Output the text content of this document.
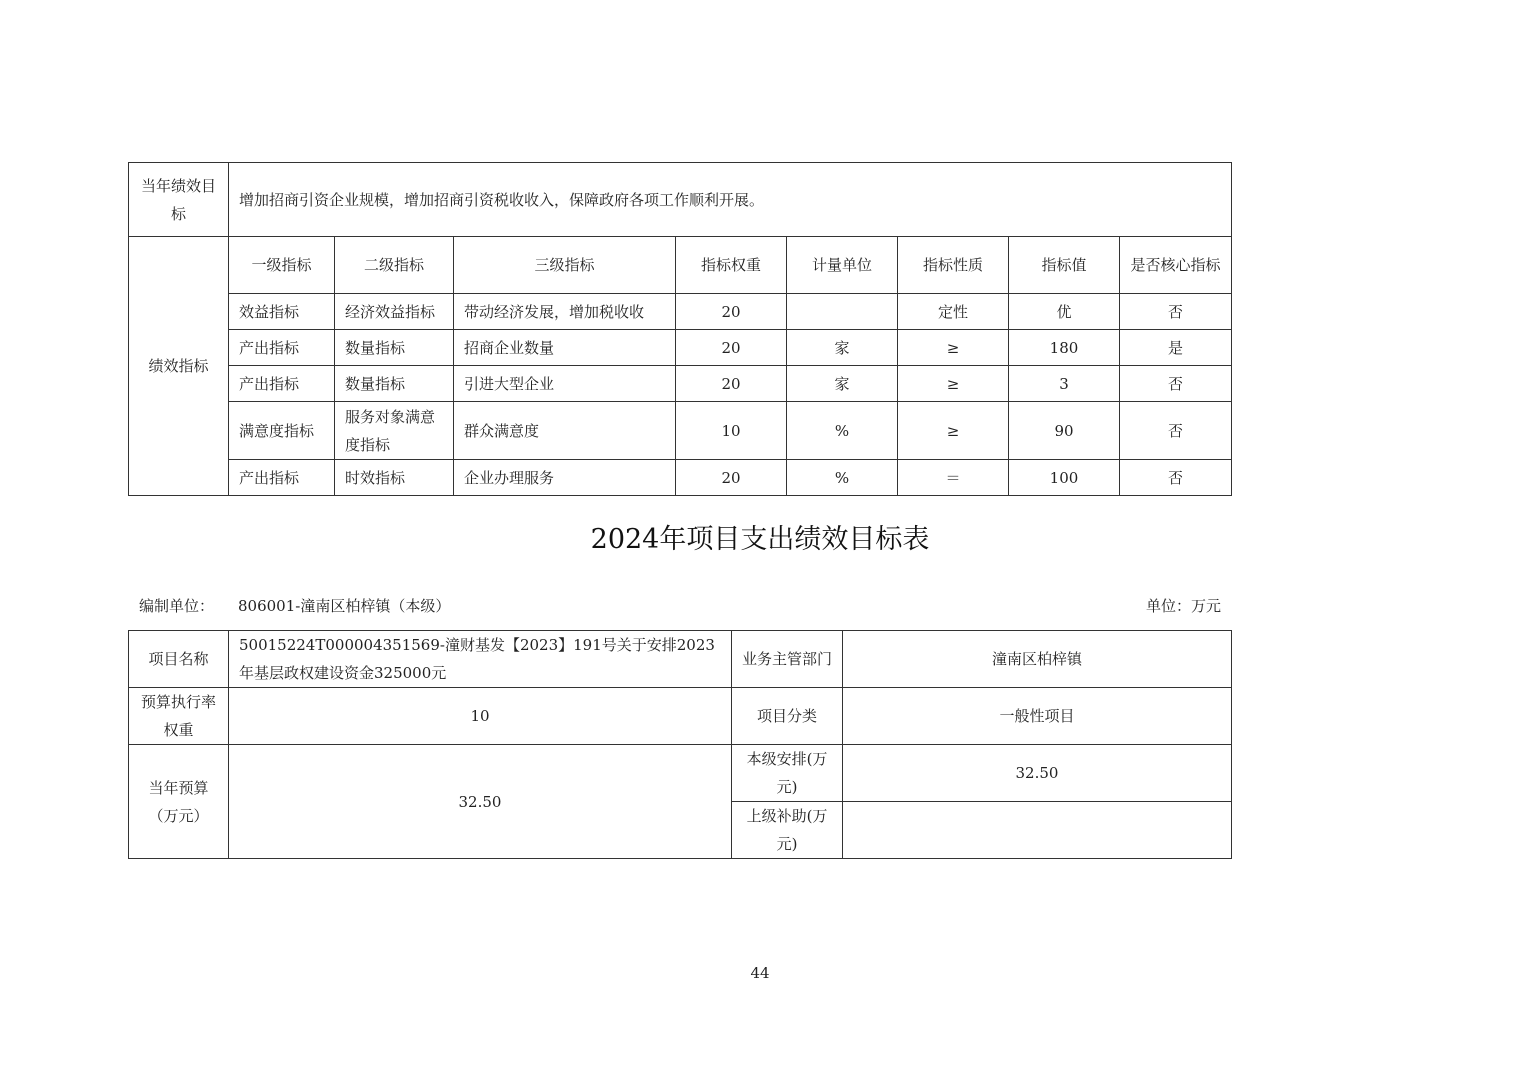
当年绩效目标	增加招商引资企业规模，增加招商引资税收收入，保障政府各项工作顺利开展。							
绩效指标	一级指标	二级指标	三级指标	指标权重	计量单位	指标性质	指标值	是否核心指标
	效益指标	经济效益指标	带动经济发展，增加税收收	20		定性	优	否
	产出指标	数量指标	招商企业数量	20	家	≥	180	是
	产出指标	数量指标	引进大型企业	20	家	≥	3	否
	满意度指标	服务对象满意度指标	群众满意度	10	%	≥	90	否
	产出指标	时效指标	企业办理服务	20	%	＝	100	否
2024年项目支出绩效目标表
编制单位： 806001-潼南区柏梓镇（本级）	单位：万元
项目名称	50015224T000004351569-潼财基发【2023】191号关于安排2023年基层政权建设资金325000元	业务主管部门	潼南区柏梓镇
预算执行率权重	10	项目分类	一般性项目
当年预算（万元）	32.50	本级安排(万元)	32.50
		上级补助(万元)	
44
